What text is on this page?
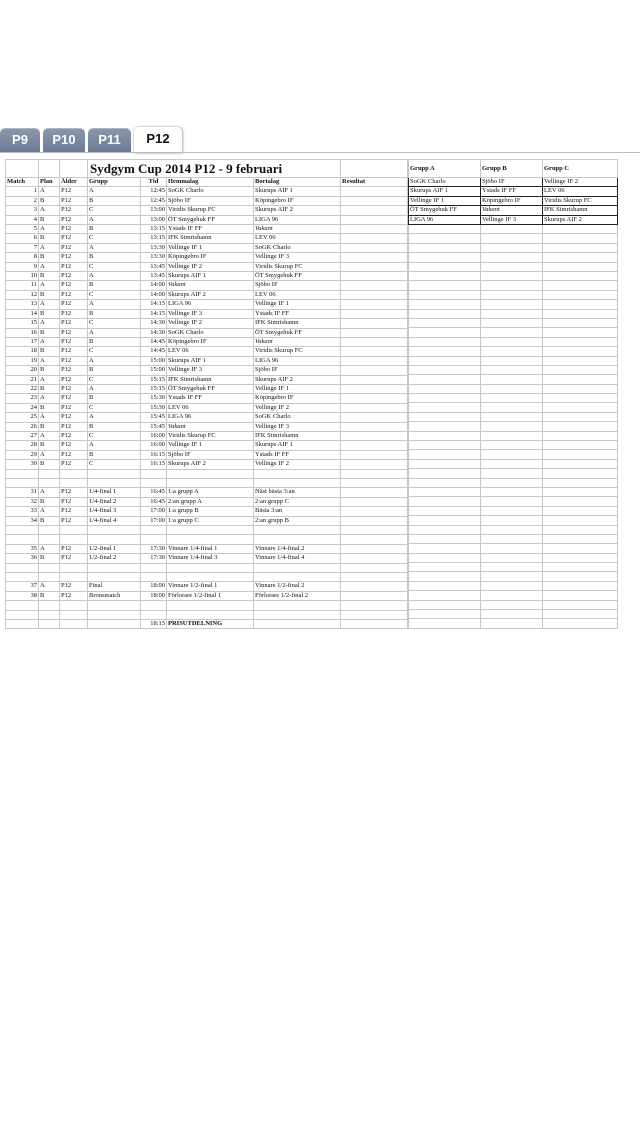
P9	P10	P11	P12
			Sydgym Cup 2014 P12 - 9 februari				
Match	Plan	Ålder	Grupp	Tid	Hemmalag	Bortalag	Resultat
1	A	P12	A	12:45	SoGK Charlo	Skurups AIF 1	
2	B	P12	B	12:45	Sjöbo IF	Köpingebro IF	
3	A	P12	C	13:00	Viridis Skurup FC	Skurups AIF 2	
4	B	P12	A	13:00	ÖT Smygehuk FF	LIGA 96	
5	A	P12	B	13:15	Ystads IF FF	Vakant	
6	B	P12	C	13:15	IFK Simrishamn	LEV 06	
7	A	P12	A	13:30	Vellinge IF 1	SoGK Charlo	
8	B	P12	B	13:30	Köpingebro IF	Vellinge IF 3	
9	A	P12	C	13:45	Vellinge IF 2	Viridis Skurup FC	
10	B	P12	A	13:45	Skurups AIF 1	ÖT Smygehuk FF	
11	A	P12	B	14:00	Vakant	Sjöbo IF	
12	B	P12	C	14:00	Skurups AIF 2	LEV 06	
13	A	P12	A	14:15	LIGA 96	Vellinge IF 1	
14	B	P12	B	14:15	Vellinge IF 3	Ystads IF FF	
15	A	P12	C	14:30	Vellinge IF 2	IFK Simrishamn	
16	B	P12	A	14:30	SoGK Charlo	ÖT Smygehuk FF	
17	A	P12	B	14:45	Köpingebro IF	Vakant	
18	B	P12	C	14:45	LEV 06	Viridis Skurup FC	
19	A	P12	A	15:00	Skurups AIF 1	LIGA 96	
20	B	P12	B	15:00	Vellinge IF 3	Sjöbo IF	
21	A	P12	C	15:15	IFK Simrishamn	Skurups AIF 2	
22	B	P12	A	15:15	ÖT Smygehuk FF	Vellinge IF 1	
23	A	P12	B	15:30	Ystads IF FF	Köpingebro IF	
24	B	P12	C	15:30	LEV 06	Vellinge IF 2	
25	A	P12	A	15:45	LIGA 96	SoGK Charlo	
26	B	P12	B	15:45	Vakant	Vellinge IF 3	
27	A	P12	C	16:00	Viridis Skurup FC	IFK Simrishamn	
28	B	P12	A	16:00	Vellinge IF 1	Skurups AIF 1	
29	A	P12	B	16:15	Sjöbo IF	Ystads IF FF	
30	B	P12	C	16:15	Skurups AIF 2	Vellinge IF 2	

31	A	P12	1/4-final 1	16:45	1:a grupp A	Näst bästa 3:an	
32	B	P12	1/4-final 2	16:45	2:an grupp A	2:an grupp C	
33	A	P12	1/4-final 3	17:00	1:a grupp B	Bästa 3:an	
34	B	P12	1/4-final 4	17:00	1:a grupp C	2:an grupp B	

35	A	P12	1/2-final 1	17:30	Vinnare 1/4-final 1	Vinnare 1/4-final 2	
36	B	P12	1/2-final 2	17:30	Vinnare 1/4-final 3	Vinnare 1/4-final 4	

37	A	P12	Final	18:00	Vinnare 1/2-final 1	Vinnare 1/2-final 2	
38	B	P12	Bronsmatch	18:00	Förlorare 1/2-final 1	Förlorare 1/2-final 2	

				18:15	PRISUTDELNING		
Grupp A	Grupp B	Grupp C
SoGK Charlo	Sjöbo IF	Vellinge IF 2
Skurups AIF 1	Ystads IF FF	LEV 06
Vellinge IF 1	Köpingebro IF	Viridis Skurup FC
ÖT Smygehuk FF	Vakant	IFK Simrishamn
LIGA 96	Vellinge IF 3	Skurups AIF 2
